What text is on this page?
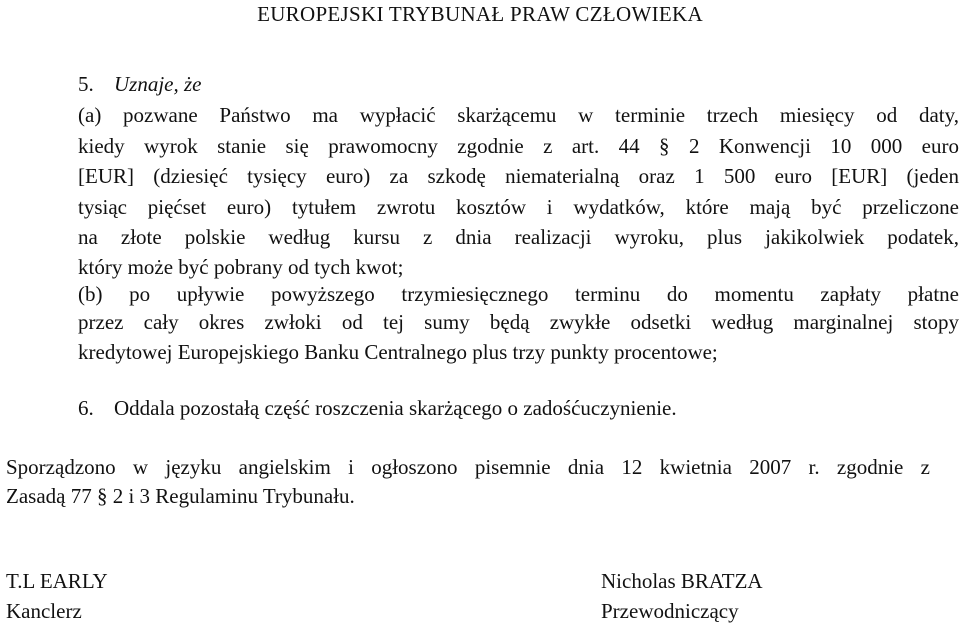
EUROPEJSKI TRYBUNAŁ PRAW CZŁOWIEKA
5. Uznaje, że
(a) pozwane Państwo ma wypłacić skarżącemu w terminie trzech miesięcy od daty,
kiedy wyrok stanie się prawomocny zgodnie z art. 44 § 2 Konwencji 10 000 euro
[EUR] (dziesięć tysięcy euro) za szkodę niematerialną oraz 1 500 euro [EUR] (jeden
tysiąc pięćset euro) tytułem zwrotu kosztów i wydatków, które mają być przeliczone
na złote polskie według kursu z dnia realizacji wyroku, plus jakikolwiek podatek,
który może być pobrany od tych kwot;
(b) po upływie powyższego trzymiesięcznego terminu do momentu zapłaty płatne
przez cały okres zwłoki od tej sumy będą zwykłe odsetki według marginalnej stopy
kredytowej Europejskiego Banku Centralnego plus trzy punkty procentowe;
6. Oddala pozostałą część roszczenia skarżącego o zadośćuczynienie.
Sporządzono w języku angielskim i ogłoszono pisemnie dnia 12 kwietnia 2007 r. zgodnie z
Zasadą 77 § 2 i 3 Regulaminu Trybunału.
T.L EARLY
Kanclerz
Nicholas BRATZA
Przewodniczący
